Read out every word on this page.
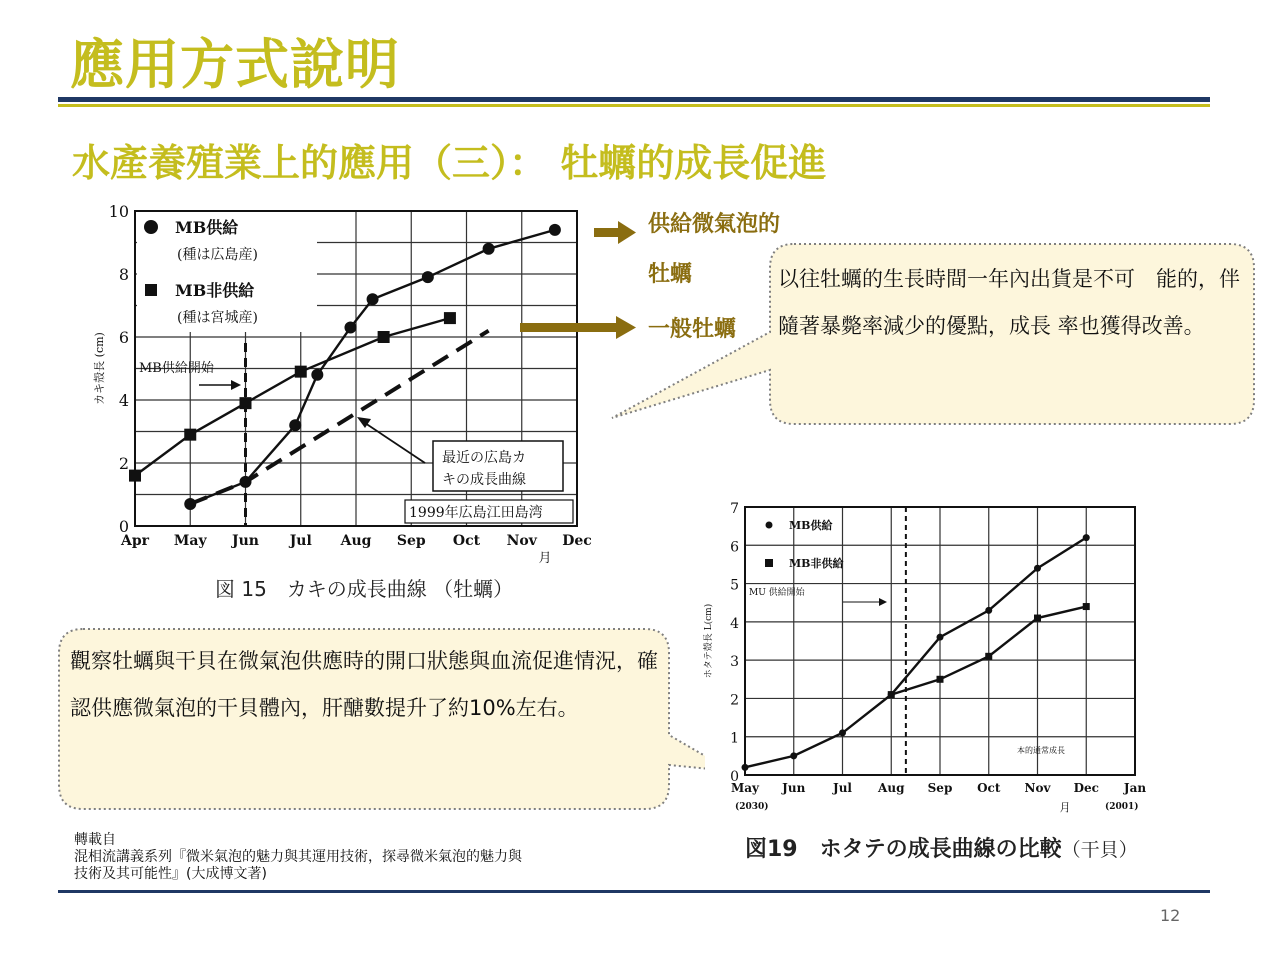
應用方式說明
水產養殖業上的應用（三）： 牡蠣的成長促進
0
2
4
6
8
10
Apr May Jun Jul Aug Sep Oct Nov Dec
カキ殻長 (cm)
月
MB供給
(種は広島産)
MB非供給
(種は宮城産)
MB供給開始
最近の広島カ
キの成長曲線
1999年広島江田島湾
図 15　カキの成長曲線 （牡蠣）
供給微氣泡的牡蠣
一般牡蠣
以往牡蠣的生長時間一年內出貨是不可　能的，伴隨著暴斃率減少的優點，成長 率也獲得改善。
觀察牡蠣與干貝在微氣泡供應時的開口狀態與血流促進情況，確認供應微氣泡的干貝體內，肝醣數提升了約10%左右。
0
1
2
3
4
5
6
7
May Jun Jul Aug Sep Oct Nov Dec Jan
ホタテ殻長 L(cm)
月
(2030)	(2001)
MB供給
MB非供給
MU 供給開始
本的通常成長
図19　ホタテの成長曲線の比較（干貝）
轉載自
混相流講義系列『微米氣泡的魅力與其運用技術，探尋微米氣泡的魅力與
技術及其可能性』(大成博文著)
12
